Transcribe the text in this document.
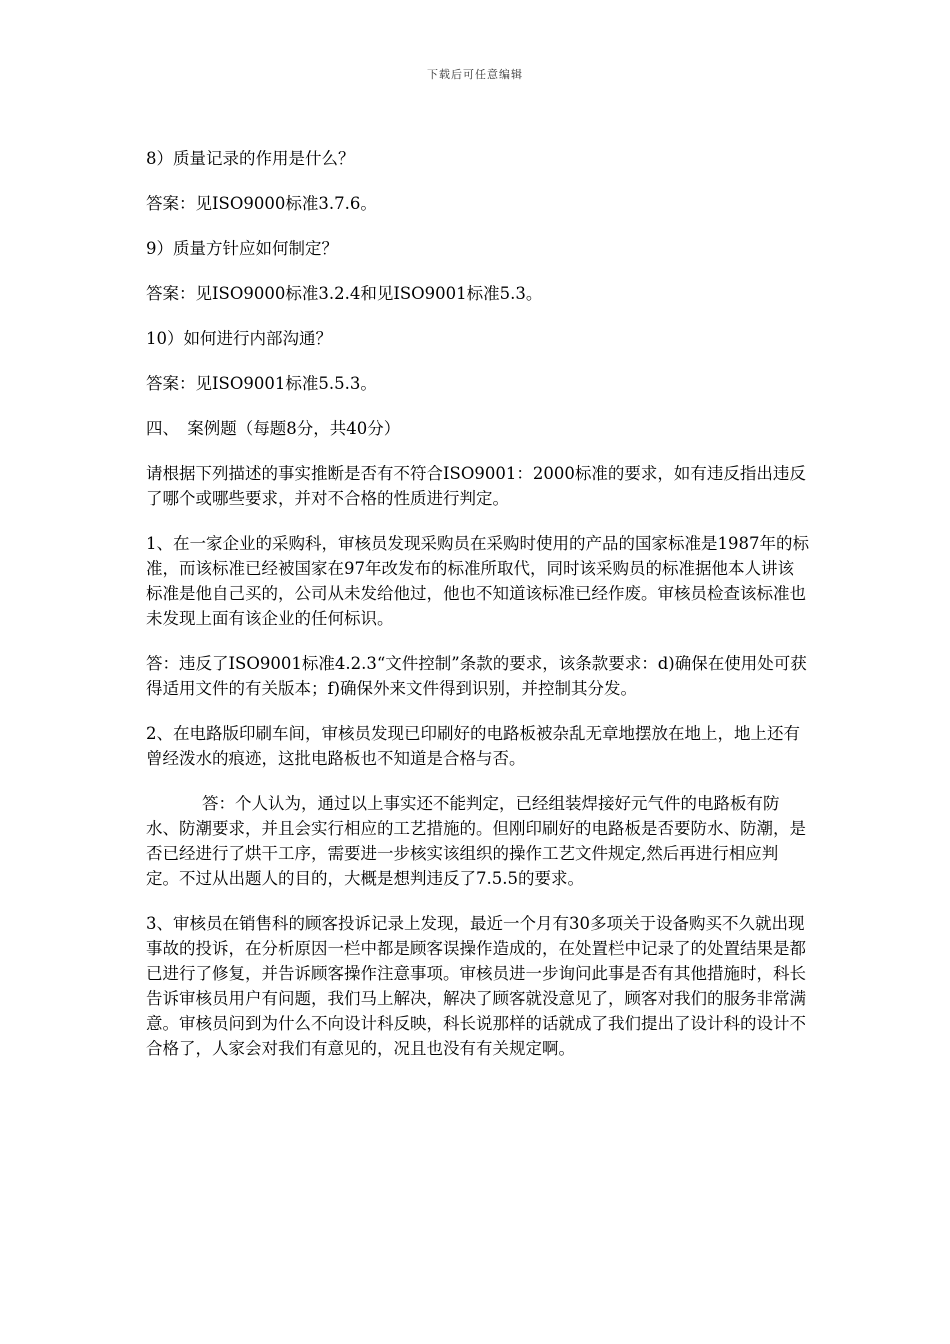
下载后可任意编辑

8）质量记录的作用是什么？

答案：见ISO9000标准3.7.6。

9）质量方针应如何制定？

答案：见ISO9000标准3.2.4和见ISO9001标准5.3。

10）如何进行内部沟通？

答案：见ISO9001标准5.5.3。

四、　案例题（每题8分，共40分）

请根据下列描述的事实推断是否有不符合ISO9001：2000标准的要求，如有违反指出违反了哪个或哪些要求，并对不合格的性质进行判定。

1、在一家企业的采购科，审核员发现采购员在采购时使用的产品的国家标准是1987年的标准，而该标准已经被国家在97年改发布的标准所取代，同时该采购员的标准据他本人讲该标准是他自己买的，公司从未发给他过，他也不知道该标准已经作废。审核员检查该标准也未发现上面有该企业的任何标识。

答：违反了ISO9001标准4.2.3“文件控制”条款的要求，该条款要求：d)确保在使用处可获得适用文件的有关版本；f)确保外来文件得到识别，并控制其分发。

2、在电路版印刷车间，审核员发现已印刷好的电路板被杂乱无章地摆放在地上，地上还有曾经泼水的痕迹，这批电路板也不知道是合格与否。

答：个人认为，通过以上事实还不能判定，已经组装焊接好元气件的电路板有防水、防潮要求，并且会实行相应的工艺措施的。但刚印刷好的电路板是否要防水、防潮，是否已经进行了烘干工序，需要进一步核实该组织的操作工艺文件规定,然后再进行相应判定。不过从出题人的目的，大概是想判违反了7.5.5的要求。

3、审核员在销售科的顾客投诉记录上发现，最近一个月有30多项关于设备购买不久就出现事故的投诉，在分析原因一栏中都是顾客误操作造成的，在处置栏中记录了的处置结果是都已进行了修复，并告诉顾客操作注意事项。审核员进一步询问此事是否有其他措施时，科长告诉审核员用户有问题，我们马上解决，解决了顾客就没意见了，顾客对我们的服务非常满意。审核员问到为什么不向设计科反映，科长说那样的话就成了我们提出了设计科的设计不合格了，人家会对我们有意见的，况且也没有有关规定啊。
